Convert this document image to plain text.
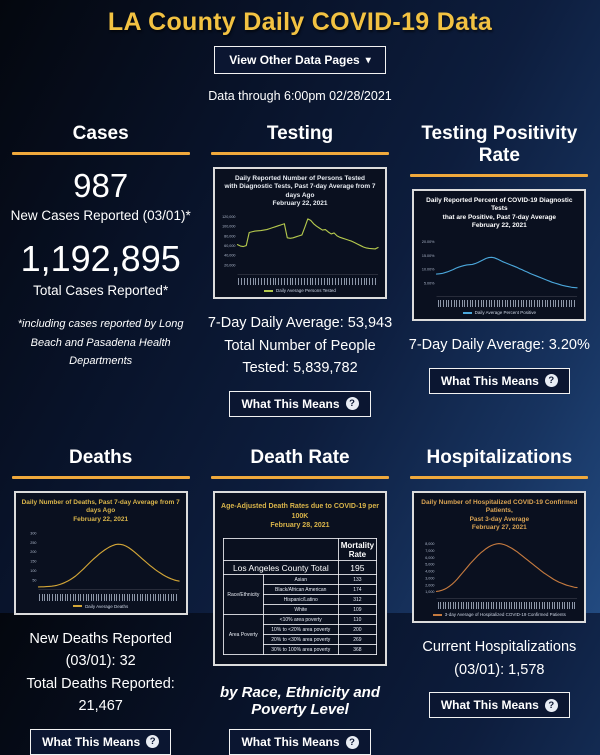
LA County Daily COVID-19 Data
View Other Data Pages ▾
Data through 6:00pm 02/28/2021
Cases
987
New Cases Reported (03/01)*
1,192,895
Total Cases Reported*
*including cases reported by Long Beach and Pasadena Health Departments
Testing
Daily Reported Number of Persons Tested
with Diagnostic Tests, Past 7-day Average from 7 days Ago
February 22, 2021
120,000
100,000
80,000
60,000
40,000
20,000
Daily Average Persons Tested
7-Day Daily Average: 53,943
Total Number of People Tested: 5,839,782
What This Means	?
Testing Positivity Rate
Daily Reported Percent of COVID-19 Diagnostic Tests
that are Positive, Past 7-day Average
February 22, 2021
20.00%
15.00%
10.00%
5.00%
Daily Average Percent Positive
7-Day Daily Average: 3.20%
What This Means	?
Deaths
Daily Number of Deaths, Past 7-day Average from 7 days Ago
February 22, 2021
300
250
200
150
100
50
Daily Average Deaths
New Deaths Reported (03/01): 32
Total Deaths Reported: 21,467
What This Means	?
Death Rate
Age-Adjusted Death Rates due to COVID-19 per 100K
February 28, 2021
		Mortality Rate
Los Angeles County Total		195
Race/Ethnicity	Asian	133
	Black/African American	174
	Hispanic/Latino	312
	White	109
Area Poverty	<10% area poverty	110
	10% to <20% area poverty	200
	20% to <30% area poverty	269
	30% to 100% area poverty	368
by Race, Ethnicity and Poverty Level
What This Means	?
Hospitalizations
Daily Number of Hospitalized COVID-19 Confirmed Patients,
Past 3-day Average
February 27, 2021
8,000
7,000
6,000
5,000
4,000
3,000
2,000
1,000
3-day Average of Hospitalized COVID-19 Confirmed Patients
Current Hospitalizations (03/01): 1,578
What This Means	?
